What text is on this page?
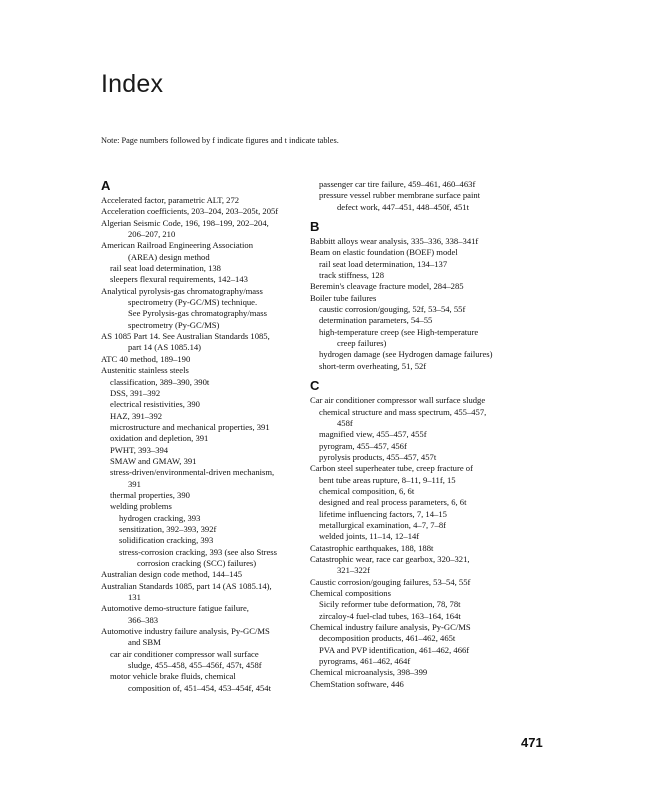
Index
Note: Page numbers followed by f indicate figures and t indicate tables.
A
Accelerated factor, parametric ALT, 272
Acceleration coefficients, 203–204, 203–205t, 205f
Algerian Seismic Code, 196, 198–199, 202–204,
206–207, 210
American Railroad Engineering Association
(AREA) design method
rail seat load determination, 138
sleepers flexural requirements, 142–143
Analytical pyrolysis-gas chromatography/mass
spectrometry (Py-GC/MS) technique.
See Pyrolysis-gas chromatography/mass
spectrometry (Py-GC/MS)
AS 1085 Part 14. See Australian Standards 1085,
part 14 (AS 1085.14)
ATC 40 method, 189–190
Austenitic stainless steels
classification, 389–390, 390t
DSS, 391–392
electrical resistivities, 390
HAZ, 391–392
microstructure and mechanical properties, 391
oxidation and depletion, 391
PWHT, 393–394
SMAW and GMAW, 391
stress-driven/environmental-driven mechanism,
391
thermal properties, 390
welding problems
hydrogen cracking, 393
sensitization, 392–393, 392f
solidification cracking, 393
stress-corrosion cracking, 393 (see also Stress
corrosion cracking (SCC) failures)
Australian design code method, 144–145
Australian Standards 1085, part 14 (AS 1085.14),
131
Automotive demo-structure fatigue failure,
366–383
Automotive industry failure analysis, Py-GC/MS
and SBM
car air conditioner compressor wall surface
sludge, 455–458, 455–456f, 457t, 458f
motor vehicle brake fluids, chemical
composition of, 451–454, 453–454f, 454t
passenger car tire failure, 459–461, 460–463f
pressure vessel rubber membrane surface paint
defect work, 447–451, 448–450f, 451t
B
Babbitt alloys wear analysis, 335–336, 338–341f
Beam on elastic foundation (BOEF) model
rail seat load determination, 134–137
track stiffness, 128
Beremin's cleavage fracture model, 284–285
Boiler tube failures
caustic corrosion/gouging, 52f, 53–54, 55f
determination parameters, 54–55
high-temperature creep (see High-temperature
creep failures)
hydrogen damage (see Hydrogen damage failures)
short-term overheating, 51, 52f
C
Car air conditioner compressor wall surface sludge
chemical structure and mass spectrum, 455–457,
458f
magnified view, 455–457, 455f
pyrogram, 455–457, 456f
pyrolysis products, 455–457, 457t
Carbon steel superheater tube, creep fracture of
bent tube areas rupture, 8–11, 9–11f, 15
chemical composition, 6, 6t
designed and real process parameters, 6, 6t
lifetime influencing factors, 7, 14–15
metallurgical examination, 4–7, 7–8f
welded joints, 11–14, 12–14f
Catastrophic earthquakes, 188, 188t
Catastrophic wear, race car gearbox, 320–321,
321–322f
Caustic corrosion/gouging failures, 53–54, 55f
Chemical compositions
Sicily reformer tube deformation, 78, 78t
zircaloy-4 fuel-clad tubes, 163–164, 164t
Chemical industry failure analysis, Py-GC/MS
decomposition products, 461–462, 465t
PVA and PVP identification, 461–462, 466f
pyrograms, 461–462, 464f
Chemical microanalysis, 398–399
ChemStation software, 446
471
